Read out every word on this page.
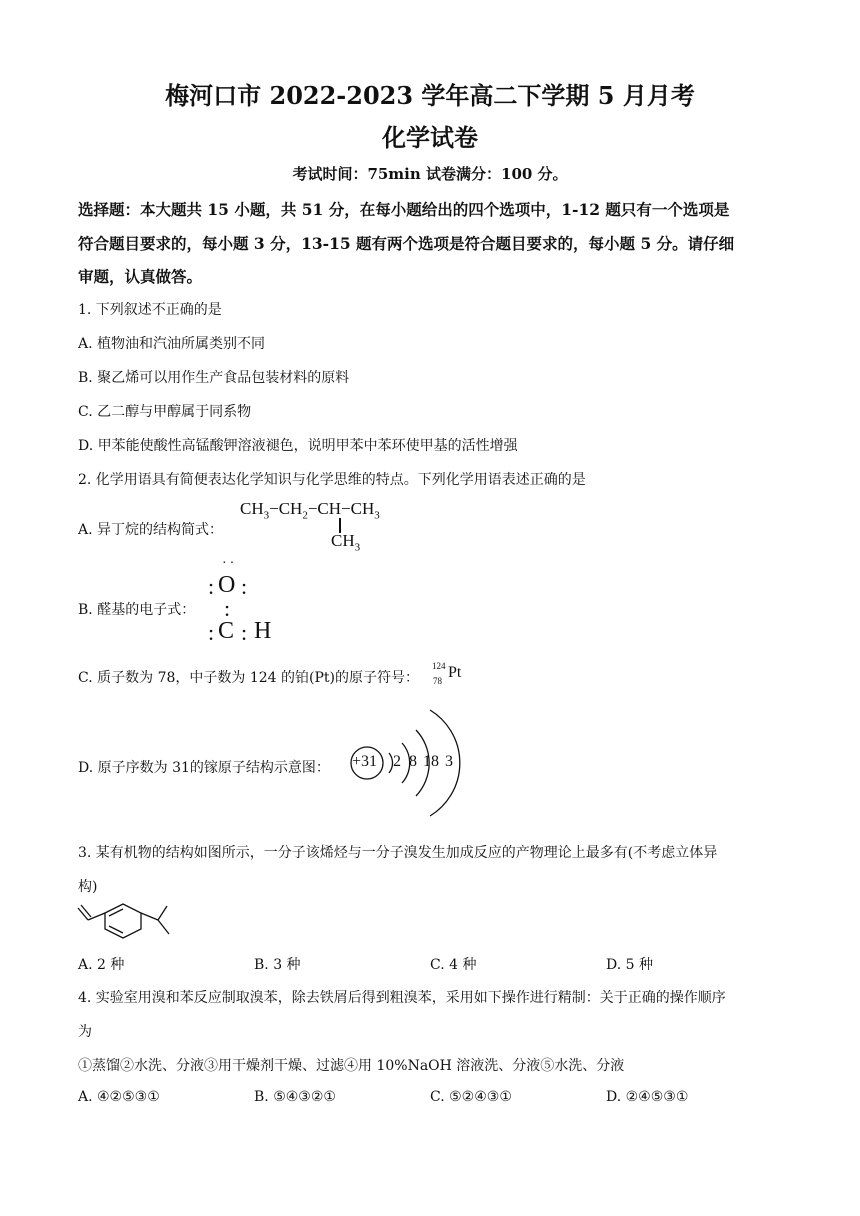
梅河口市 2022-2023 学年高二下学期 5 月月考
化学试卷
考试时间：75min 试卷满分：100 分。
选择题：本大题共 15 小题，共 51 分，在每小题给出的四个选项中，1-12 题只有一个选项是
符合题目要求的，每小题 3 分，13-15 题有两个选项是符合题目要求的，每小题 5 分。请仔细
审题，认真做答。
1. 下列叙述不正确的是
A. 植物油和汽油所属类别不同
B. 聚乙烯可以用作生产食品包装材料的原料
C. 乙二醇与甲醇属于同系物
D. 甲苯能使酸性高锰酸钾溶液褪色，说明甲苯中苯环使甲基的活性增强
2. 化学用语具有简便表达化学知识与化学思维的特点。下列化学用语表述正确的是
A. 异丁烷的结构简式：
$CH_3-CH_2-CH-CH_3$
$CH_3$
B. 醛基的电子式：
··
: O :
:
: C : H
C. 质子数为 78，中子数为 124 的铂(Pt)的原子符号：
124
78 Pt
D. 原子序数为 31的镓原子结构示意图： +31 2 8 18 3
3. 某有机物的结构如图所示，一分子该烯烃与一分子溴发生加成反应的产物理论上最多有(不考虑立体异
构)
A. 2 种	B. 3 种	C. 4 种	D. 5 种
4. 实验室用溴和苯反应制取溴苯，除去铁屑后得到粗溴苯，采用如下操作进行精制：关于正确的操作顺序
为
①蒸馏②水洗、分液③用干燥剂干燥、过滤④用 10%NaOH 溶液洗、分液⑤水洗、分液
A. ④②⑤③①	B. ⑤④③②①	C. ⑤②④③①	D. ②④⑤③①
